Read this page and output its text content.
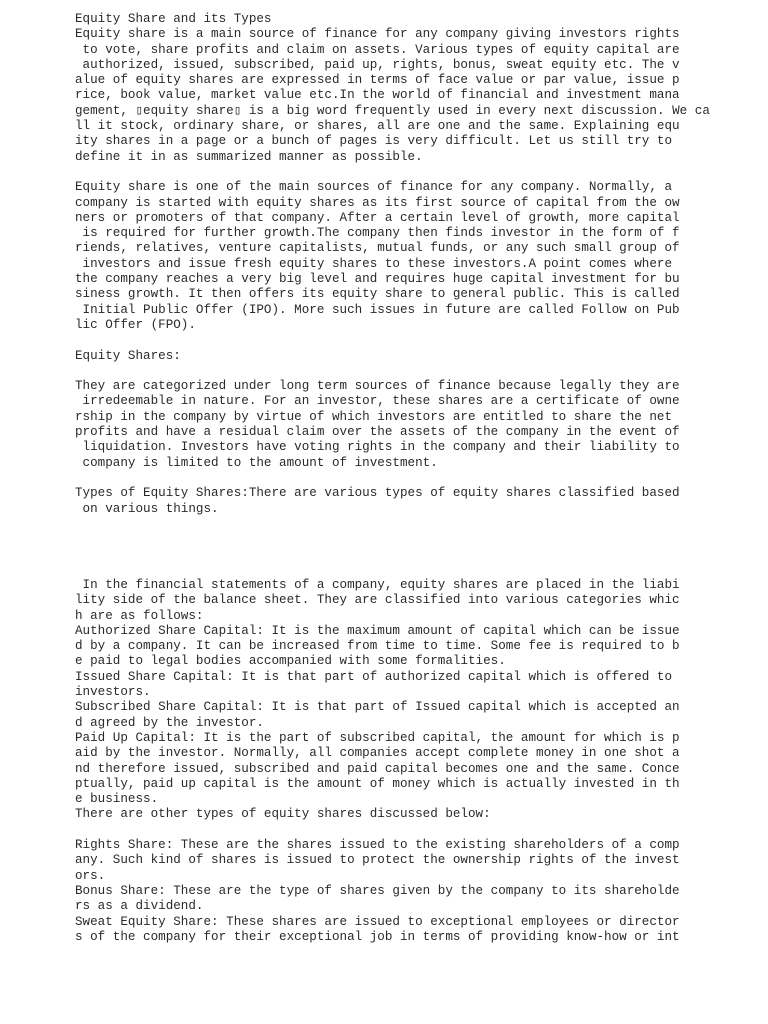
Equity Share and its Types
Equity share is a main source of finance for any company giving investors rights
to vote, share profits and claim on assets. Various types of equity capital are
authorized, issued, subscribed, paid up, rights, bonus, sweat equity etc. The v
alue of equity shares are expressed in terms of face value or par value, issue p
rice, book value, market value etc.In the world of financial and investment mana
gement, ▯equity share▯ is a big word frequently used in every next discussion. We ca
ll it stock, ordinary share, or shares, all are one and the same. Explaining equ
ity shares in a page or a bunch of pages is very difficult. Let us still try to
define it in as summarized manner as possible.
Equity share is one of the main sources of finance for any company. Normally, a
company is started with equity shares as its first source of capital from the ow
ners or promoters of that company. After a certain level of growth, more capital
is required for further growth.The company then finds investor in the form of f
riends, relatives, venture capitalists, mutual funds, or any such small group of
investors and issue fresh equity shares to these investors.A point comes where
the company reaches a very big level and requires huge capital investment for bu
siness growth. It then offers its equity share to general public. This is called
Initial Public Offer (IPO). More such issues in future are called Follow on Pub
lic Offer (FPO).
Equity Shares:
They are categorized under long term sources of finance because legally they are
irredeemable in nature. For an investor, these shares are a certificate of owne
rship in the company by virtue of which investors are entitled to share the net
profits and have a residual claim over the assets of the company in the event of
liquidation. Investors have voting rights in the company and their liability to
company is limited to the amount of investment.
Types of Equity Shares:There are various types of equity shares classified based
on various things.
In the financial statements of a company, equity shares are placed in the liabi
lity side of the balance sheet. They are classified into various categories whic
h are as follows:
Authorized Share Capital: It is the maximum amount of capital which can be issue
d by a company. It can be increased from time to time. Some fee is required to b
e paid to legal bodies accompanied with some formalities.
Issued Share Capital: It is that part of authorized capital which is offered to
investors.
Subscribed Share Capital: It is that part of Issued capital which is accepted an
d agreed by the investor.
Paid Up Capital: It is the part of subscribed capital, the amount for which is p
aid by the investor. Normally, all companies accept complete money in one shot a
nd therefore issued, subscribed and paid capital becomes one and the same. Conce
ptually, paid up capital is the amount of money which is actually invested in th
e business.
There are other types of equity shares discussed below:
Rights Share: These are the shares issued to the existing shareholders of a comp
any. Such kind of shares is issued to protect the ownership rights of the invest
ors.
Bonus Share: These are the type of shares given by the company to its shareholde
rs as a dividend.
Sweat Equity Share: These shares are issued to exceptional employees or director
s of the company for their exceptional job in terms of providing know-how or int
